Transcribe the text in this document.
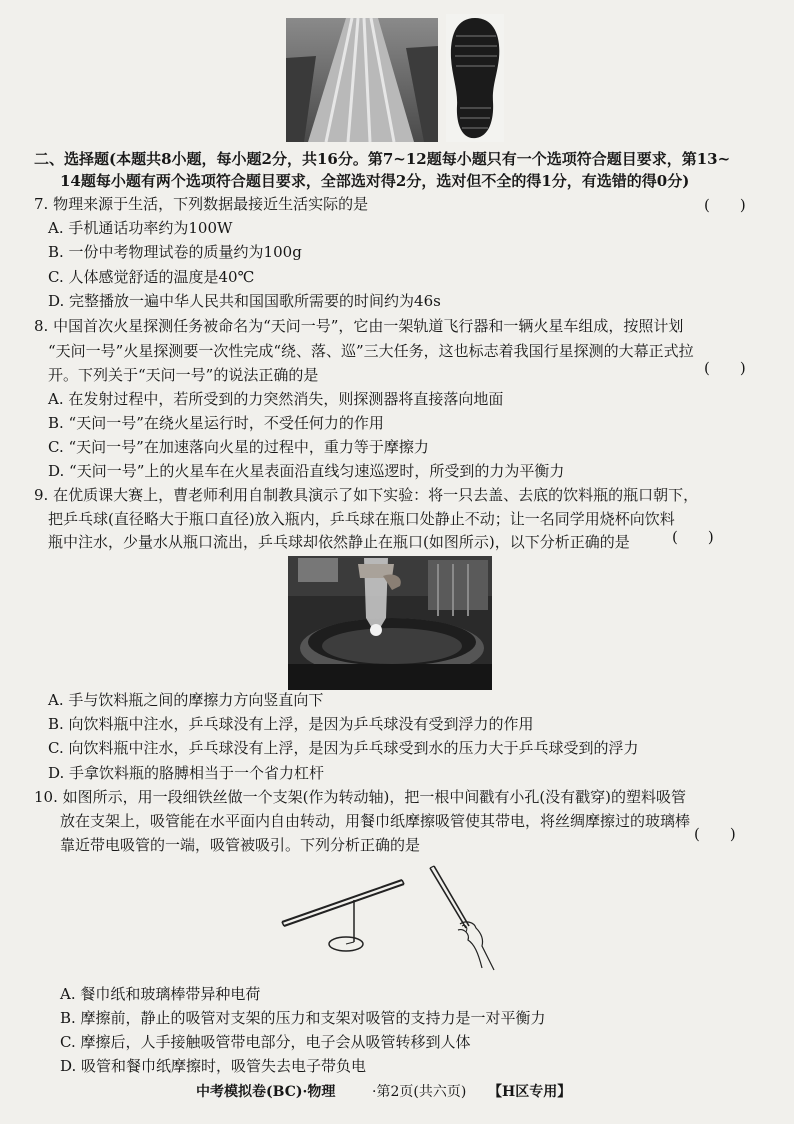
二、选择题(本题共8小题，每小题2分，共16分。第7~12题每小题只有一个选项符合题目要求，第13~
14题每小题有两个选项符合题目要求，全部选对得2分，选对但不全的得1分，有选错的得0分)
7. 物理来源于生活，下列数据最接近生活实际的是	(　　)
A. 手机通话功率约为100W
B. 一份中考物理试卷的质量约为100g
C. 人体感觉舒适的温度是40℃
D. 完整播放一遍中华人民共和国国歌所需要的时间约为46s
8. 中国首次火星探测任务被命名为“天问一号”，它由一架轨道飞行器和一辆火星车组成，按照计划
“天问一号”火星探测要一次性完成“绕、落、巡”三大任务，这也标志着我国行星探测的大幕正式拉
开。下列关于“天问一号”的说法正确的是	(　　)
A. 在发射过程中，若所受到的力突然消失，则探测器将直接落向地面
B. “天问一号”在绕火星运行时，不受任何力的作用
C. “天问一号”在加速落向火星的过程中，重力等于摩擦力
D. “天问一号”上的火星车在火星表面沿直线匀速巡逻时，所受到的力为平衡力
9. 在优质课大赛上，曹老师利用自制教具演示了如下实验：将一只去盖、去底的饮料瓶的瓶口朝下，
把乒乓球(直径略大于瓶口直径)放入瓶内，乒乓球在瓶口处静止不动；让一名同学用烧杯向饮料
瓶中注水，少量水从瓶口流出，乒乓球却依然静止在瓶口(如图所示)，以下分析正确的是	(　　)
A. 手与饮料瓶之间的摩擦力方向竖直向下
B. 向饮料瓶中注水，乒乓球没有上浮，是因为乒乓球没有受到浮力的作用
C. 向饮料瓶中注水，乒乓球没有上浮，是因为乒乓球受到水的压力大于乒乓球受到的浮力
D. 手拿饮料瓶的胳膊相当于一个省力杠杆
10. 如图所示，用一段细铁丝做一个支架(作为转动轴)，把一根中间戳有小孔(没有戳穿)的塑料吸管
放在支架上，吸管能在水平面内自由转动，用餐巾纸摩擦吸管使其带电，将丝绸摩擦过的玻璃棒
靠近带电吸管的一端，吸管被吸引。下列分析正确的是
(　　)
A. 餐巾纸和玻璃棒带异种电荷
B. 摩擦前，静止的吸管对支架的压力和支架对吸管的支持力是一对平衡力
C. 摩擦后，人手接触吸管带电部分，电子会从吸管转移到人体
D. 吸管和餐巾纸摩擦时，吸管失去电子带负电
中考模拟卷(BC)·物理	·第2页(共六页) 【H区专用】
